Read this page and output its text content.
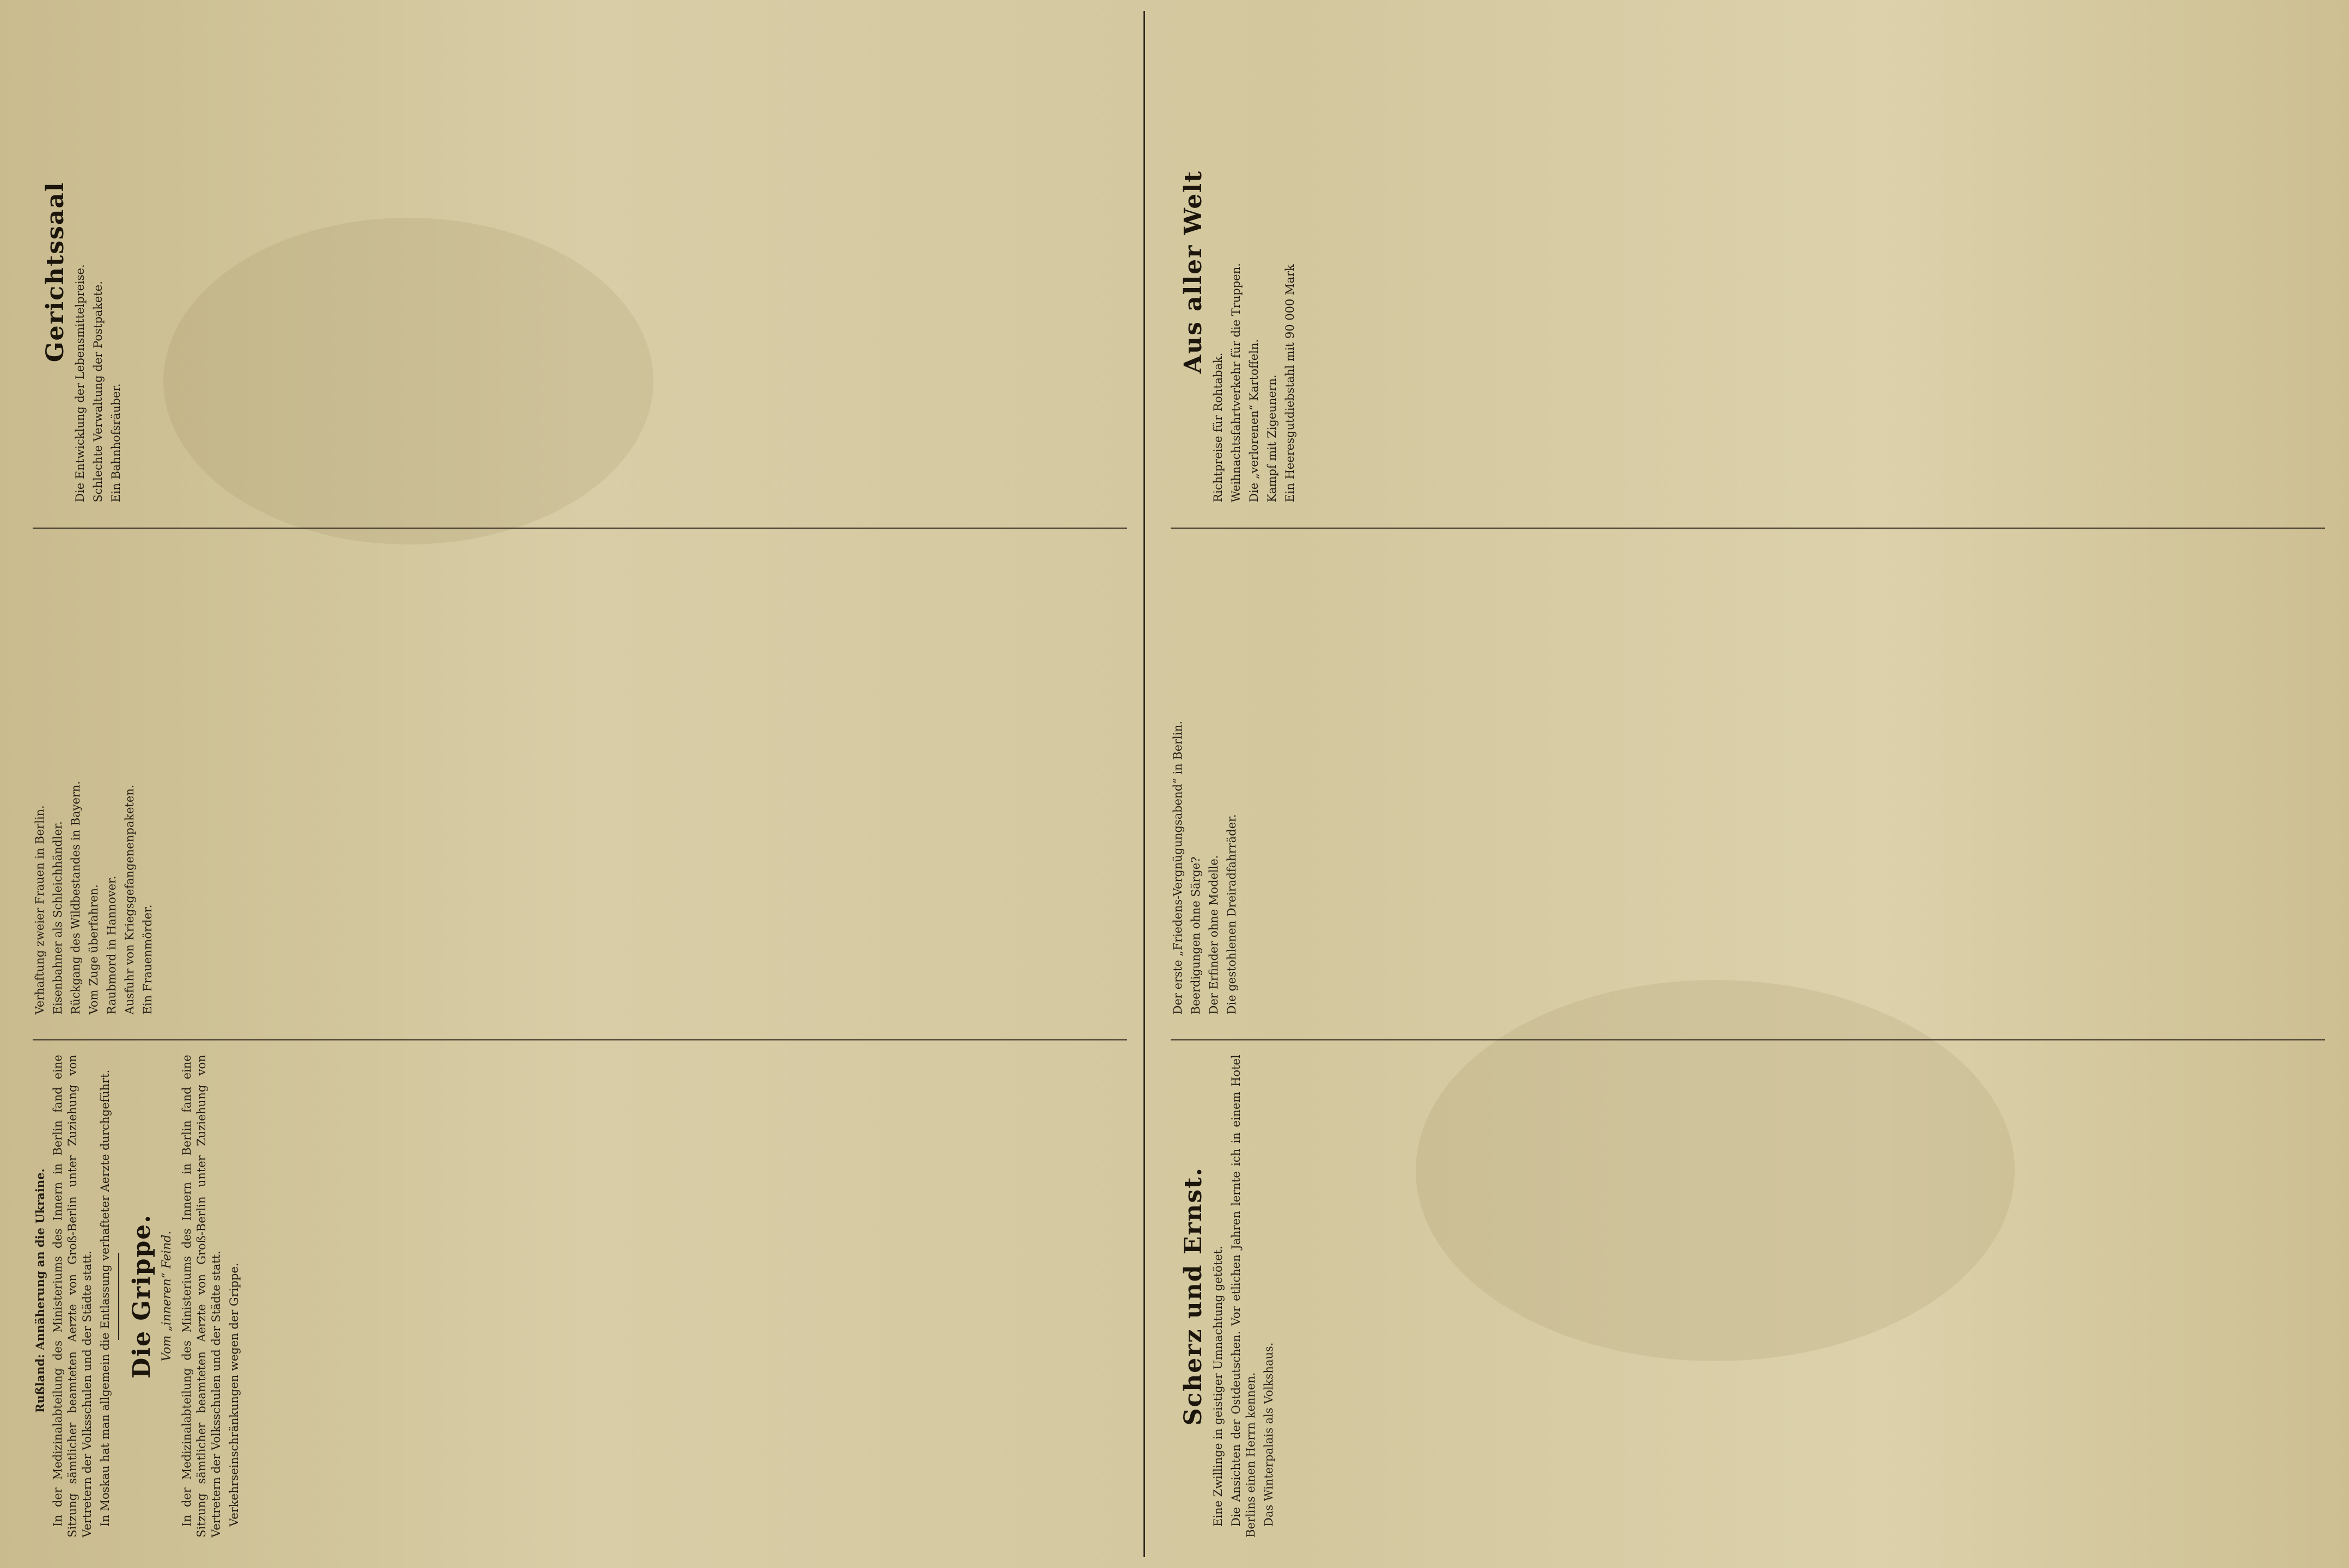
Rußland: Annäherung an die Ukraine. In der Medizinalabteilung des Ministeriums des Innern in Berlin fand eine Sitzung sämtlicher beamteten Aerzte von Groß-Berlin unter Zuziehung von Vertretern der Volksschulen und der Städte statt. In Moskau hat man allgemein die Entlassung verhafteter Aerzte durchgeführt. Die Grippe. Vom „inneren“ Feind. In der Medizinalabteilung des Ministeriums des Innern in Berlin fand eine Sitzung sämtlicher beamteten Aerzte von Groß-Berlin unter Zuziehung von Vertretern der Volksschulen und der Städte statt. Verkehrseinschränkungen wegen der Grippe.

Verhaftung zweier Frauen in Berlin. Eisenbahner als Schleichhändler. Rückgang des Wildbestandes in Bayern. Vom Zuge überfahren. Raubmord in Hannover. Ausfuhr von Kriegsgefangenenpaketen. Ein Frauenmörder.

Gerichtssaal Die Entwicklung der Lebensmittelpreise. Schlechte Verwaltung der Postpakete. Ein Bahnhofsräuber.

Scherz und Ernst. Eine Zwillinge in geistiger Umnachtung getötet. Die Ansichten der Ostdeutschen. Vor etlichen Jahren lernte ich in einem Hotel Berlins einen Herrn kennen. Das Winterpalais als Volkshaus.

Der erste „Friedens-Vergnügungsabend“ in Berlin. Beerdigungen ohne Särge? Der Erfinder ohne Modelle. Die gestohlenen Dreiradfahrräder.

Aus aller Welt

Richtpreise für Rohtabak. Weihnachtsfahrtverkehr für die Truppen. Die „verlorenen“ Kartoffeln. Kampf mit Zigeunern. Ein Heeresgutdiebstahl mit 90 000 Mark
